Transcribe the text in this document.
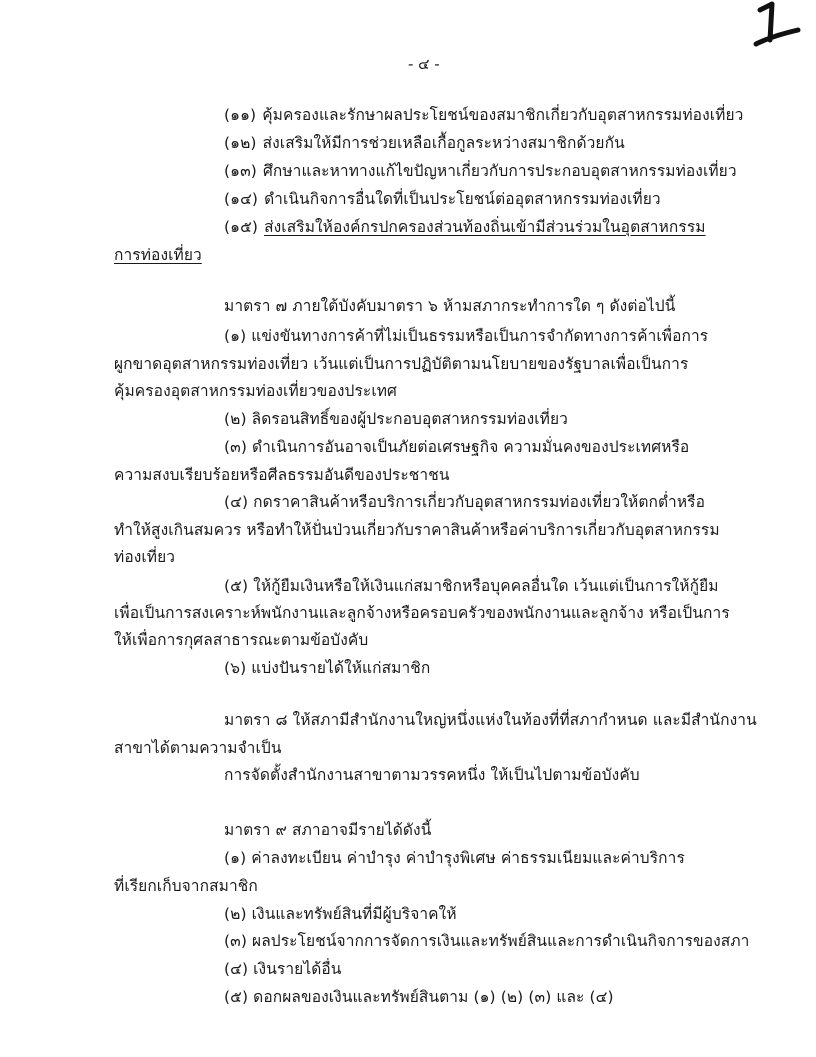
- ๔ -
(๑๑) คุ้มครองและรักษาผลประโยชน์ของสมาชิกเกี่ยวกับอุตสาหกรรมท่องเที่ยว
(๑๒) ส่งเสริมให้มีการช่วยเหลือเกื้อกูลระหว่างสมาชิกด้วยกัน
(๑๓) ศึกษาและหาทางแก้ไขปัญหาเกี่ยวกับการประกอบอุตสาหกรรมท่องเที่ยว
(๑๔) ดำเนินกิจการอื่นใดที่เป็นประโยชน์ต่ออุตสาหกรรมท่องเที่ยว
(๑๕) ส่งเสริมให้องค์กรปกครองส่วนท้องถิ่นเข้ามีส่วนร่วมในอุตสาหกรรม
การท่องเที่ยว
มาตรา ๗ ภายใต้บังคับมาตรา ๖ ห้ามสภากระทำการใด ๆ ดังต่อไปนี้
(๑) แข่งขันทางการค้าที่ไม่เป็นธรรมหรือเป็นการจำกัดทางการค้าเพื่อการ
ผูกขาดอุตสาหกรรมท่องเที่ยว เว้นแต่เป็นการปฏิบัติตามนโยบายของรัฐบาลเพื่อเป็นการ
คุ้มครองอุตสาหกรรมท่องเที่ยวของประเทศ
(๒) ลิดรอนสิทธิ์ของผู้ประกอบอุตสาหกรรมท่องเที่ยว
(๓) ดำเนินการอันอาจเป็นภัยต่อเศรษฐกิจ ความมั่นคงของประเทศหรือ
ความสงบเรียบร้อยหรือศีลธรรมอันดีของประชาชน
(๔) กดราคาสินค้าหรือบริการเกี่ยวกับอุตสาหกรรมท่องเที่ยวให้ตกต่ำหรือ
ทำให้สูงเกินสมควร หรือทำให้ปั่นป่วนเกี่ยวกับราคาสินค้าหรือค่าบริการเกี่ยวกับอุตสาหกรรม
ท่องเที่ยว
(๕) ให้กู้ยืมเงินหรือให้เงินแก่สมาชิกหรือบุคคลอื่นใด เว้นแต่เป็นการให้กู้ยืม
เพื่อเป็นการสงเคราะห์พนักงานและลูกจ้างหรือครอบครัวของพนักงานและลูกจ้าง หรือเป็นการ
ให้เพื่อการกุศลสาธารณะตามข้อบังคับ
(๖) แบ่งปันรายได้ให้แก่สมาชิก
มาตรา ๘ ให้สภามีสำนักงานใหญ่หนึ่งแห่งในท้องที่ที่สภากำหนด และมีสำนักงาน
สาขาได้ตามความจำเป็น
การจัดตั้งสำนักงานสาขาตามวรรคหนึ่ง ให้เป็นไปตามข้อบังคับ
มาตรา ๙ สภาอาจมีรายได้ดังนี้
(๑) ค่าลงทะเบียน ค่าบำรุง ค่าบำรุงพิเศษ ค่าธรรมเนียมและค่าบริการ
ที่เรียกเก็บจากสมาชิก
(๒) เงินและทรัพย์สินที่มีผู้บริจาคให้
(๓) ผลประโยชน์จากการจัดการเงินและทรัพย์สินและการดำเนินกิจการของสภา
(๔) เงินรายได้อื่น
(๕) ดอกผลของเงินและทรัพย์สินตาม (๑) (๒) (๓) และ (๔)
